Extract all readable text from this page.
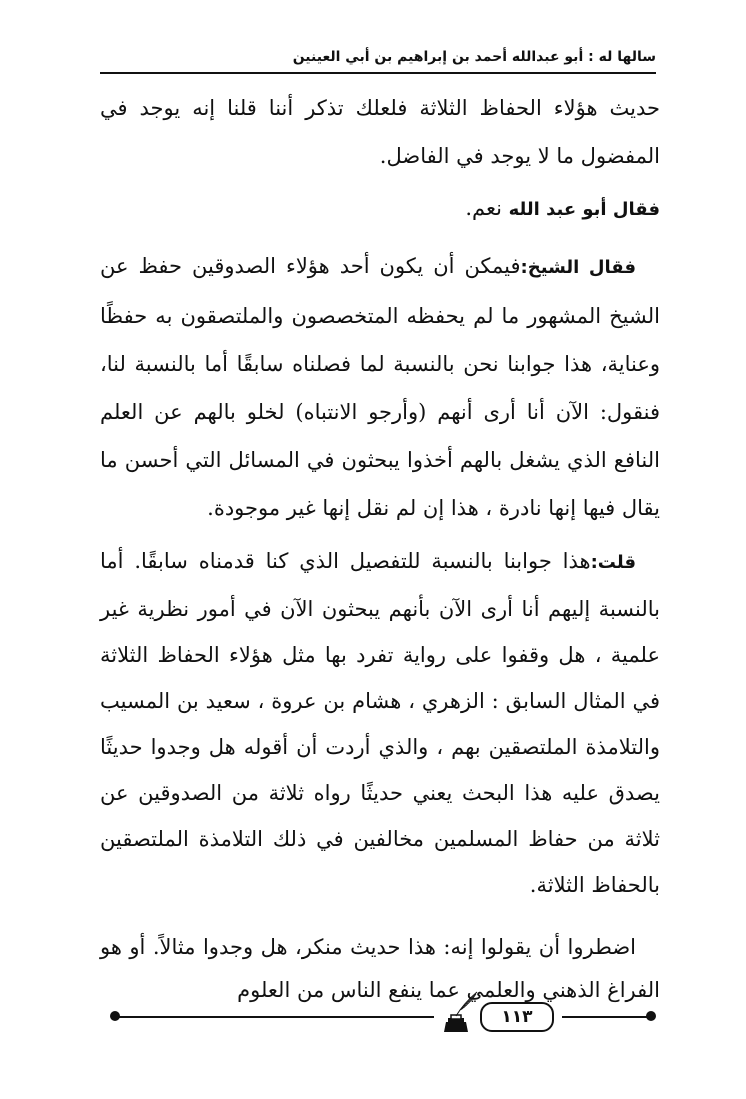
سالها له : أبو عبدالله أحمد بن إبراهيم بن أبي العينين

حديث هؤلاء الحفاظ الثلاثة فلعلك تذكر أننا قلنا إنه يوجد في المفضول ما لا يوجد في الفاضل.

فقال أبو عبد الله نعم.

فقال الشيخ:فيمكن أن يكون أحد هؤلاء الصدوقين حفظ عن الشيخ المشهور ما لم يحفظه المتخصصون والملتصقون به حفظًا وعناية، هذا جوابنا نحن بالنسبة لما فصلناه سابقًا أما بالنسبة لنا، فنقول: الآن أنا أرى أنهم (وأرجو الانتباه) لخلو بالهم عن العلم النافع الذي يشغل بالهم أخذوا يبحثون في المسائل التي أحسن ما يقال فيها إنها نادرة ، هذا إن لم نقل إنها غير موجودة.

قلت:هذا جوابنا بالنسبة للتفصيل الذي كنا قدمناه سابقًا. أما بالنسبة إليهم أنا أرى الآن بأنهم يبحثون الآن في أمور نظرية غير علمية ، هل وقفوا على رواية تفرد بها مثل هؤلاء الحفاظ الثلاثة في المثال السابق : الزهري ، هشام بن عروة ، سعيد بن المسيب والتلامذة الملتصقين بهم ، والذي أردت أن أقوله هل وجدوا حديثًا يصدق عليه هذا البحث يعني حديثًا رواه ثلاثة من الصدوقين عن ثلاثة من حفاظ المسلمين مخالفين في ذلك التلامذة الملتصقين بالحفاظ الثلاثة.

اضطروا أن يقولوا إنه: هذا حديث منكر، هل وجدوا مثالاً. أو هو الفراغ الذهني والعلمي عما ينفع الناس من العلوم

١١٣
